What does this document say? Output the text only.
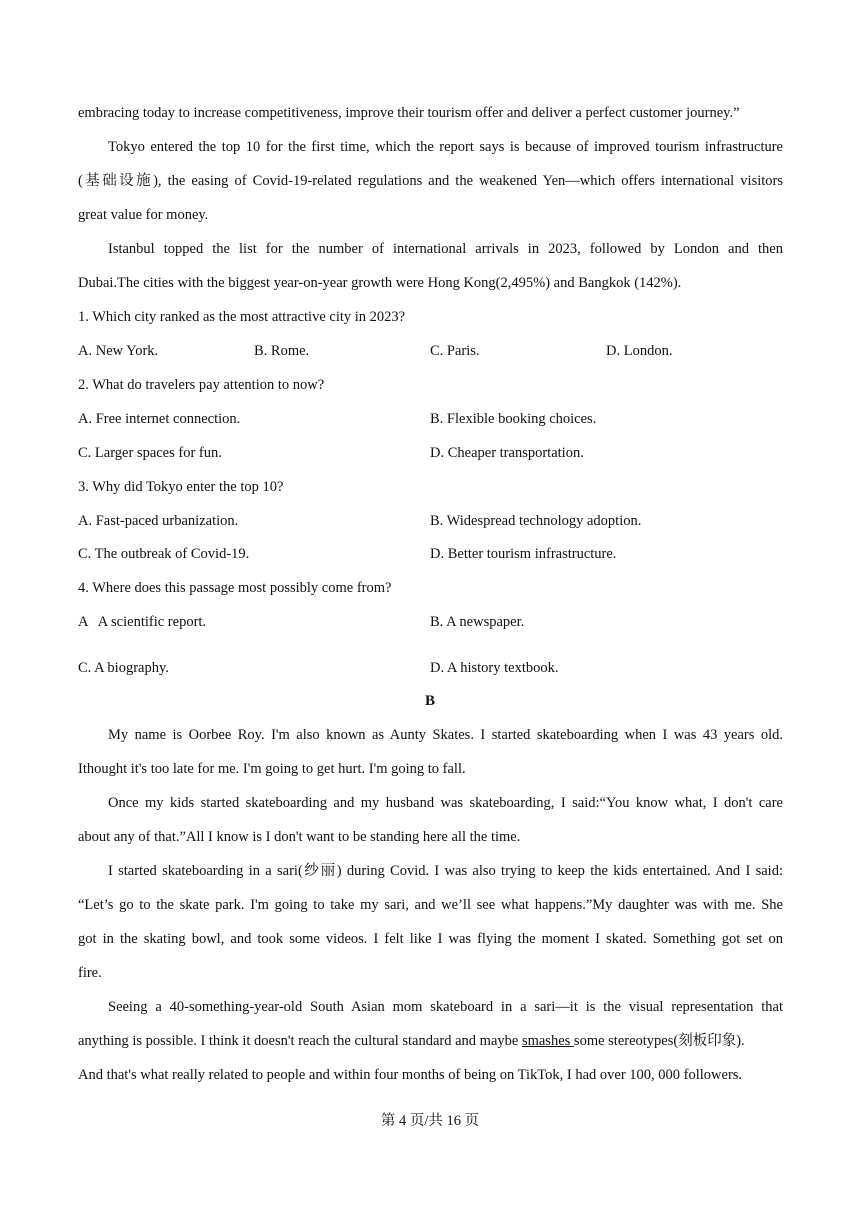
embracing today to increase competitiveness, improve their tourism offer and deliver a perfect customer journey.”
Tokyo entered the top 10 for the first time, which the report says is because of improved tourism infrastructure
(基础设施), the easing of Covid-19-related regulations and the weakened Yen—which offers international visitors
great value for money.
Istanbul topped the list for the number of international arrivals in 2023, followed by London and then
Dubai.The cities with the biggest year-on-year growth were Hong Kong(2,495%) and Bangkok (142%).
1. Which city ranked as the most attractive city in 2023?
A. New York.	B. Rome.	C. Paris.	D. London.
2. What do travelers pay attention to now?
A. Free internet connection.	B. Flexible booking choices.
C. Larger spaces for fun.	D. Cheaper transportation.
3. Why did Tokyo enter the top 10?
A. Fast-paced urbanization.	B. Widespread technology adoption.
C. The outbreak of Covid-19.	D. Better tourism infrastructure.
4. Where does this passage most possibly come from?
A   A scientific report.	B. A newspaper.
C. A biography.	D. A history textbook.
B
My name is Oorbee Roy. I'm also known as Aunty Skates. I started skateboarding when I was 43 years old.
Ithought it's too late for me. I'm going to get hurt. I'm going to fall.
Once my kids started skateboarding and my husband was skateboarding, I said:“You know what, I don't care
about any of that.”All I know is I don't want to be standing here all the time.
I started skateboarding in a sari(纱丽) during Covid. I was also trying to keep the kids entertained. And I said:
“Let’s go to the skate park. I'm going to take my sari, and we’ll see what happens.”My daughter was with me. She
got in the skating bowl, and took some videos. I felt like I was flying the moment I skated. Something got set on
fire.
Seeing a 40-something-year-old South Asian mom skateboard in a sari—it is the visual representation that
anything is possible. I think it doesn't reach the cultural standard and maybe smashes some stereotypes(刻板印象).
And that's what really related to people and within four months of being on TikTok, I had over 100, 000 followers.
第 4 页/共 16 页
